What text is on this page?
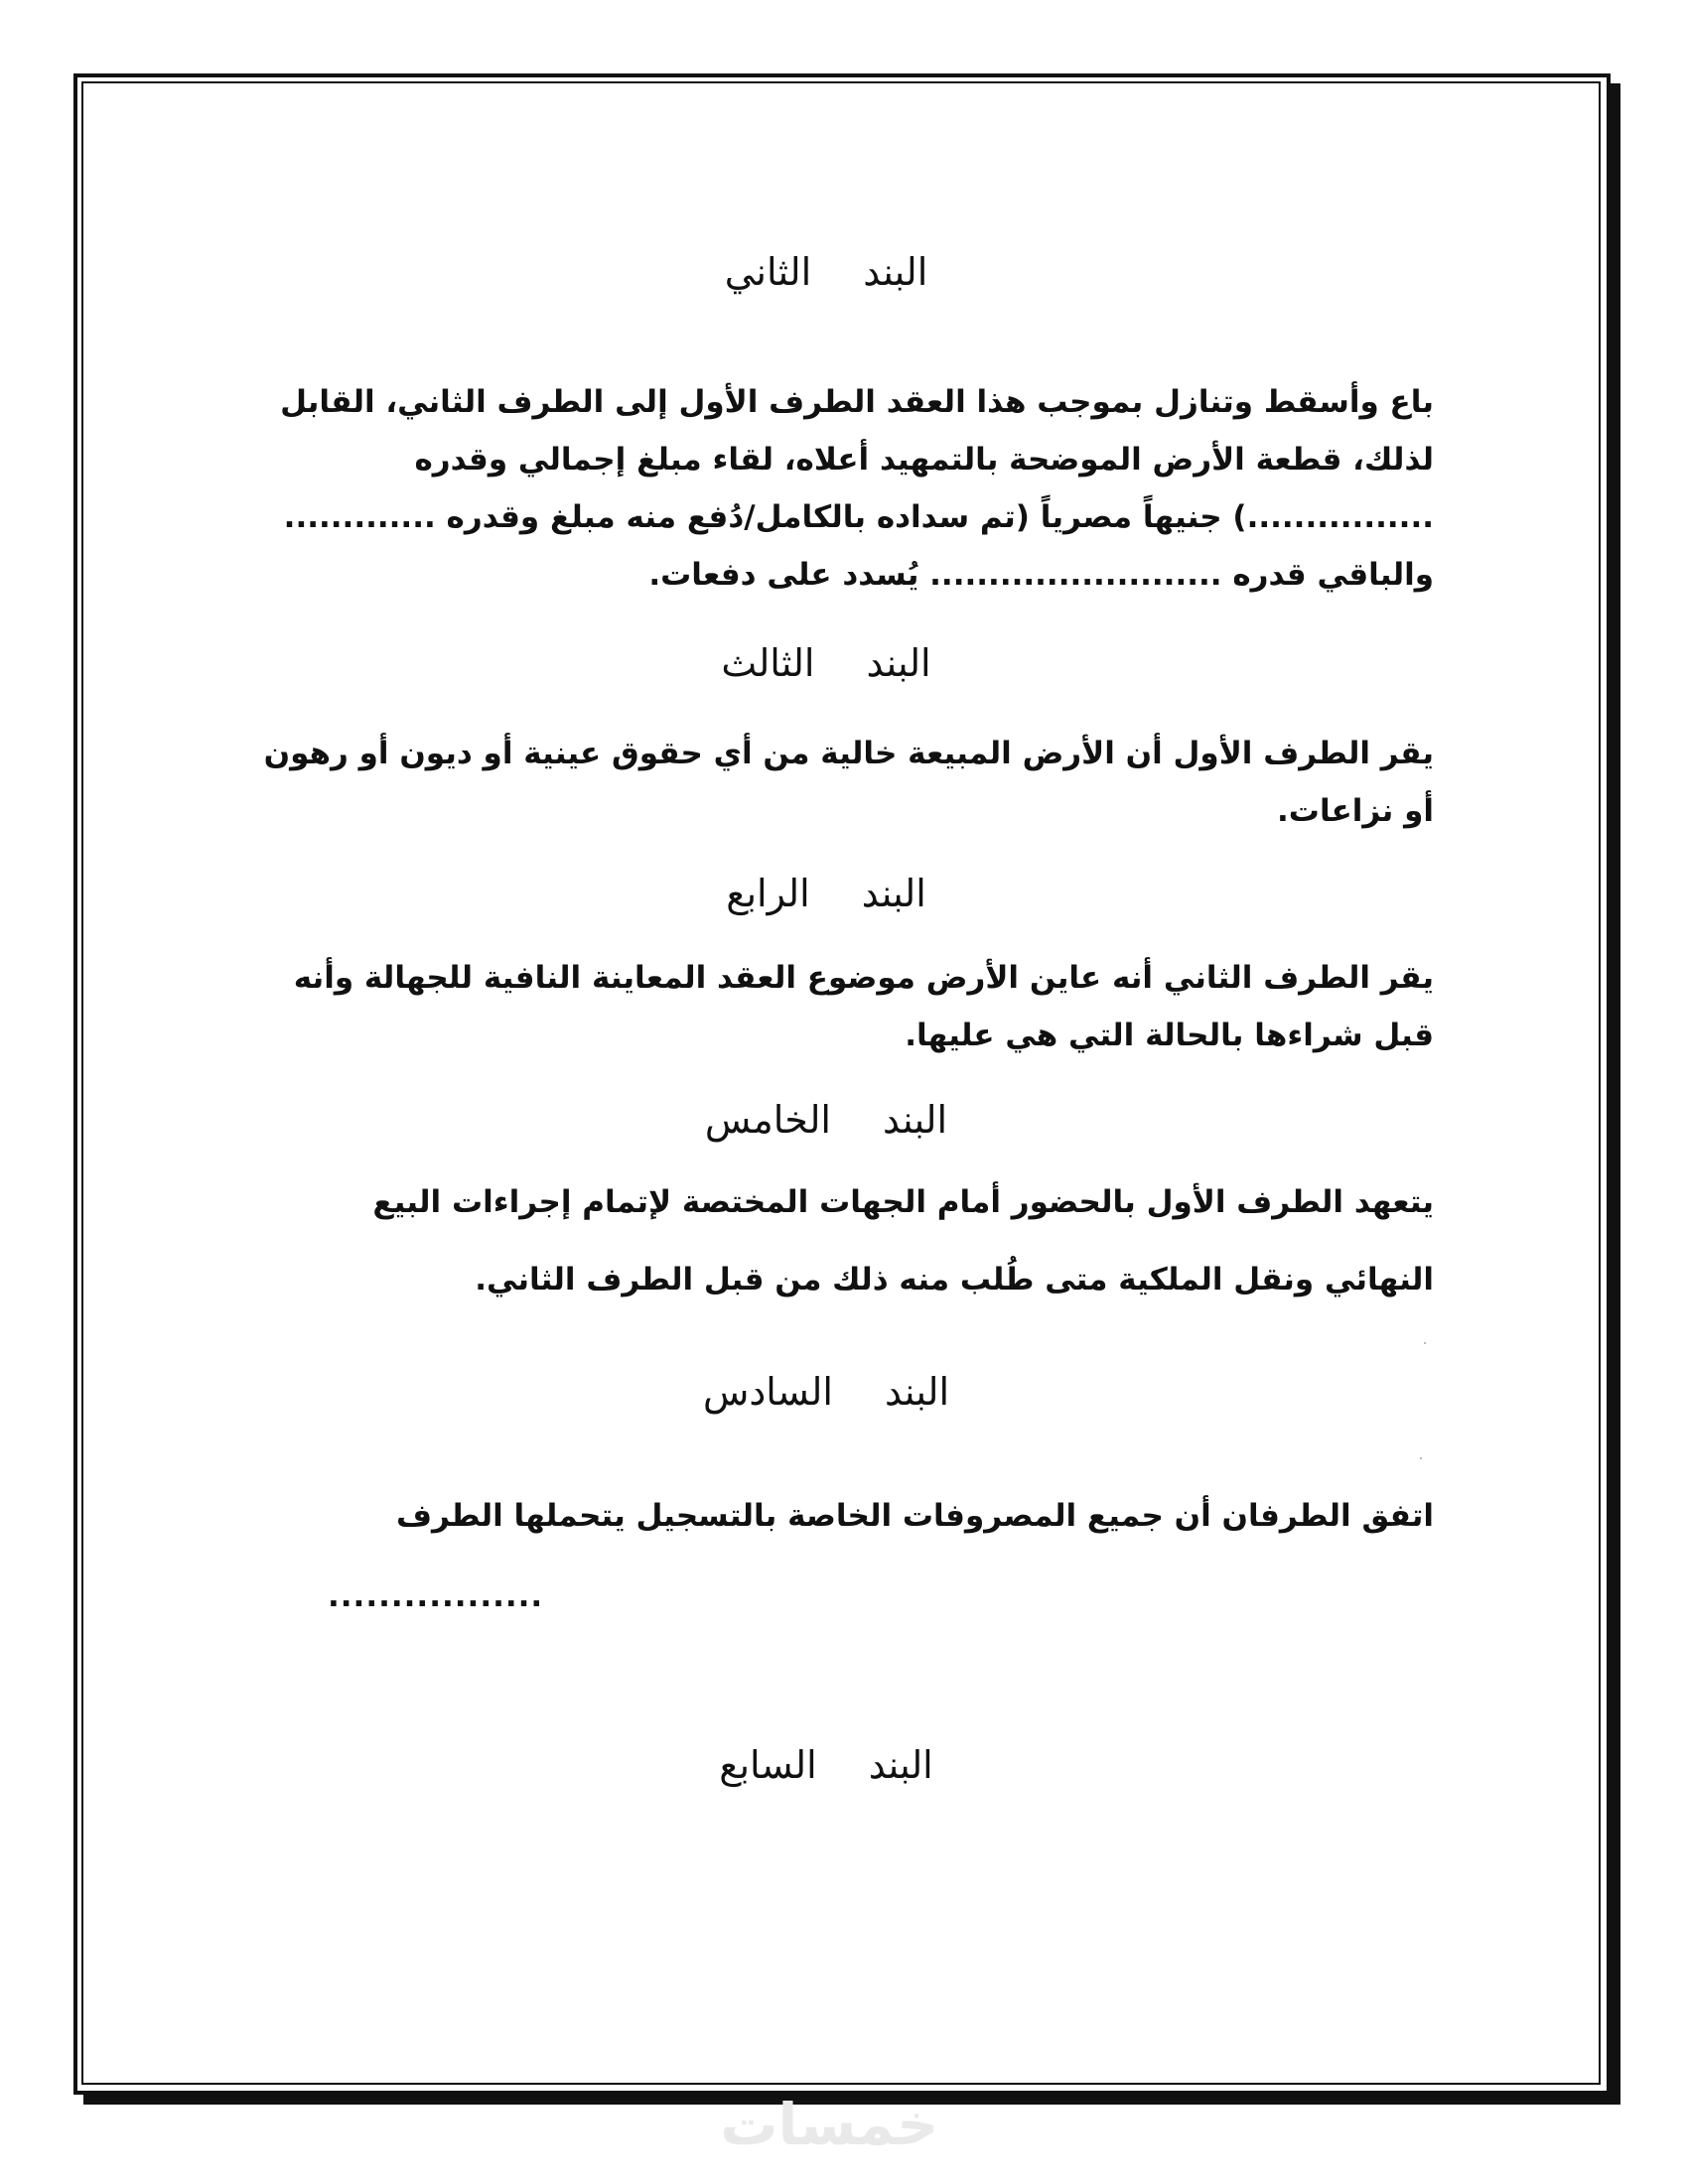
البند الثاني

باع وأسقط وتنازل بموجب هذا العقد الطرف الأول إلى الطرف الثاني، القابل لذلك، قطعة الأرض الموضحة بالتمهيد أعلاه، لقاء مبلغ إجمالي وقدره ................) جنيهاً مصرياً (تم سداده بالكامل/دُفع منه مبلغ وقدره ............. والباقي قدره ......................... يُسدد على دفعات.

البند الثالث

يقر الطرف الأول أن الأرض المبيعة خالية من أي حقوق عينية أو ديون أو رهون أو نزاعات.

البند الرابع

يقر الطرف الثاني أنه عاين الأرض موضوع العقد المعاينة النافية للجهالة وأنه قبل شراءها بالحالة التي هي عليها.

البند الخامس

يتعهد الطرف الأول بالحضور أمام الجهات المختصة لإتمام إجراءات البيع النهائي ونقل الملكية متى طُلب منه ذلك من قبل الطرف الثاني.

البند السادس

اتفق الطرفان أن جميع المصروفات الخاصة بالتسجيل يتحملها الطرف

.................
البند السابع
خمسات
